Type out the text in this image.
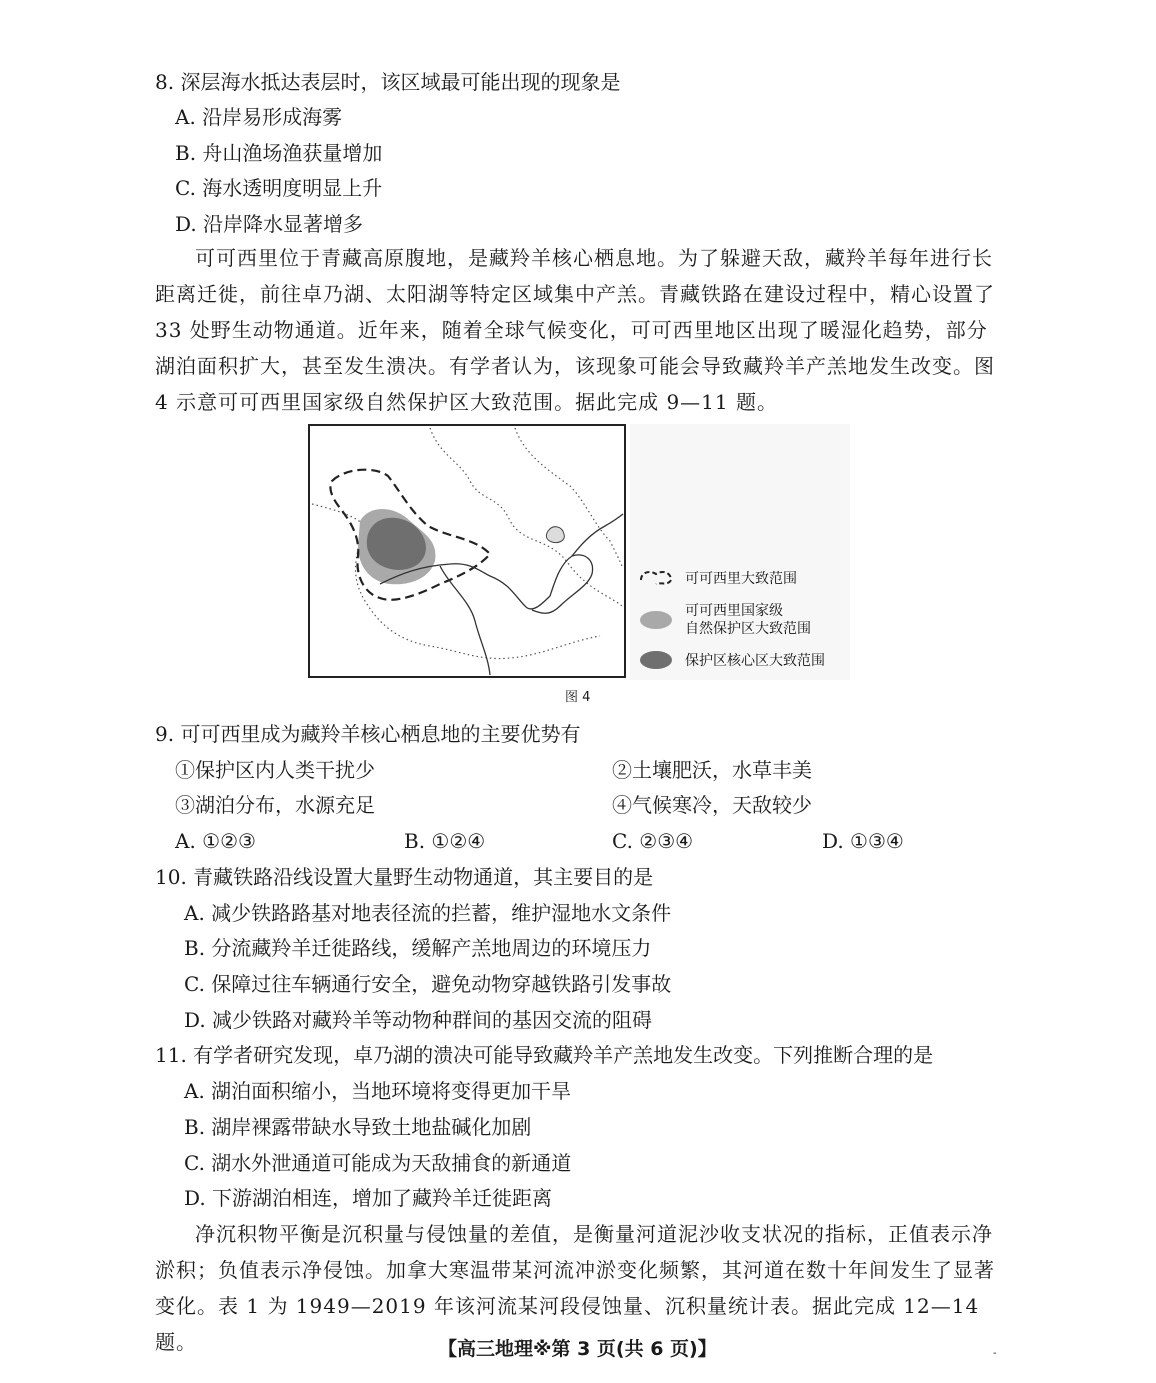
8. 深层海水抵达表层时，该区域最可能出现的现象是
A. 沿岸易形成海雾
B. 舟山渔场渔获量增加
C. 海水透明度明显上升
D. 沿岸降水显著增多
可可西里位于青藏高原腹地，是藏羚羊核心栖息地。为了躲避天敌，藏羚羊每年进行长距离迁徙，前往卓乃湖、太阳湖等特定区域集中产羔。青藏铁路在建设过程中，精心设置了 33 处野生动物通道。近年来，随着全球气候变化，可可西里地区出现了暖湿化趋势，部分湖泊面积扩大，甚至发生溃决。有学者认为，该现象可能会导致藏羚羊产羔地发生改变。图 4 示意可可西里国家级自然保护区大致范围。据此完成 9—11 题。
可可西里大致范围
可可西里国家级
自然保护区大致范围
保护区核心区大致范围
图 4
9. 可可西里成为藏羚羊核心栖息地的主要优势有
①保护区内人类干扰少	②土壤肥沃，水草丰美
③湖泊分布，水源充足	④气候寒冷，天敌较少
A. ①②③	B. ①②④	C. ②③④	D. ①③④
10. 青藏铁路沿线设置大量野生动物通道，其主要目的是
A. 减少铁路路基对地表径流的拦蓄，维护湿地水文条件
B. 分流藏羚羊迁徙路线，缓解产羔地周边的环境压力
C. 保障过往车辆通行安全，避免动物穿越铁路引发事故
D. 减少铁路对藏羚羊等动物种群间的基因交流的阻碍
11. 有学者研究发现，卓乃湖的溃决可能导致藏羚羊产羔地发生改变。下列推断合理的是
A. 湖泊面积缩小，当地环境将变得更加干旱
B. 湖岸裸露带缺水导致土地盐碱化加剧
C. 湖水外泄通道可能成为天敌捕食的新通道
D. 下游湖泊相连，增加了藏羚羊迁徙距离
净沉积物平衡是沉积量与侵蚀量的差值，是衡量河道泥沙收支状况的指标，正值表示净淤积；负值表示净侵蚀。加拿大寒温带某河流冲淤变化频繁，其河道在数十年间发生了显著变化。表 1 为 1949—2019 年该河流某河段侵蚀量、沉积量统计表。据此完成 12—14 题。	【高三地理※第 3 页(共 6 页)】	-
